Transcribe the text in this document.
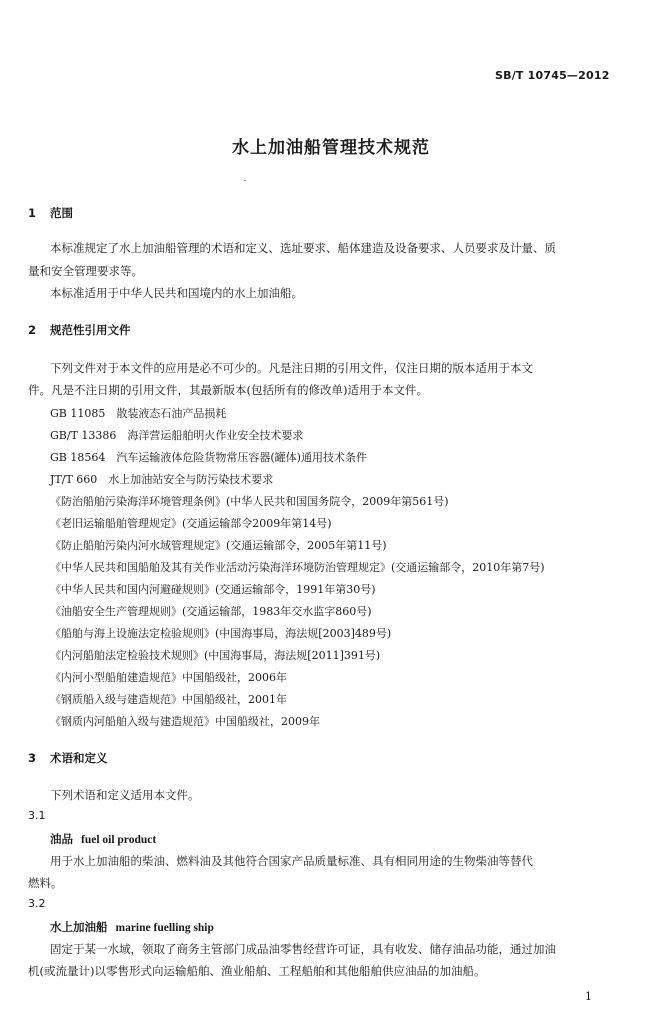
SB/T 10745—2012
水上加油船管理技术规范
1 范围
本标准规定了水上加油船管理的术语和定义、选址要求、船体建造及设备要求、人员要求及计量、质
量和安全管理要求等。
本标准适用于中华人民共和国境内的水上加油船。
2 规范性引用文件
下列文件对于本文件的应用是必不可少的。凡是注日期的引用文件，仅注日期的版本适用于本文
件。凡是不注日期的引用文件，其最新版本(包括所有的修改单)适用于本文件。
GB 11085　散装液态石油产品损耗
GB/T 13386　海洋营运船舶明火作业安全技术要求
GB 18564　汽车运输液体危险货物常压容器(罐体)通用技术条件
JT/T 660　水上加油站安全与防污染技术要求
《防治船舶污染海洋环境管理条例》(中华人民共和国国务院令，2009年第561号)
《老旧运输船舶管理规定》(交通运输部令2009年第14号)
《防止船舶污染内河水域管理规定》(交通运输部令，2005年第11号)
《中华人民共和国船舶及其有关作业活动污染海洋环境防治管理规定》(交通运输部令，2010年第7号)
《中华人民共和国内河避碰规则》(交通运输部令，1991年第30号)
《油船安全生产管理规则》(交通运输部，1983年交水监字860号)
《船舶与海上设施法定检验规则》(中国海事局，海法规[2003]489号)
《内河船舶法定检验技术规则》(中国海事局，海法规[2011]391号)
《内河小型船舶建造规范》中国船级社，2006年
《钢质船入级与建造规范》中国船级社，2001年
《钢质内河船舶入级与建造规范》中国船级社，2009年
3 术语和定义
下列术语和定义适用本文件。
3.1
油品 fuel oil product
用于水上加油船的柴油、燃料油及其他符合国家产品质量标准、具有相同用途的生物柴油等替代
燃料。
3.2
水上加油船 marine fuelling ship
固定于某一水域，领取了商务主管部门成品油零售经营许可证，具有收发、储存油品功能，通过加油
机(或流量计)以零售形式向运输船舶、渔业船舶、工程船舶和其他船舶供应油品的加油船。
1
